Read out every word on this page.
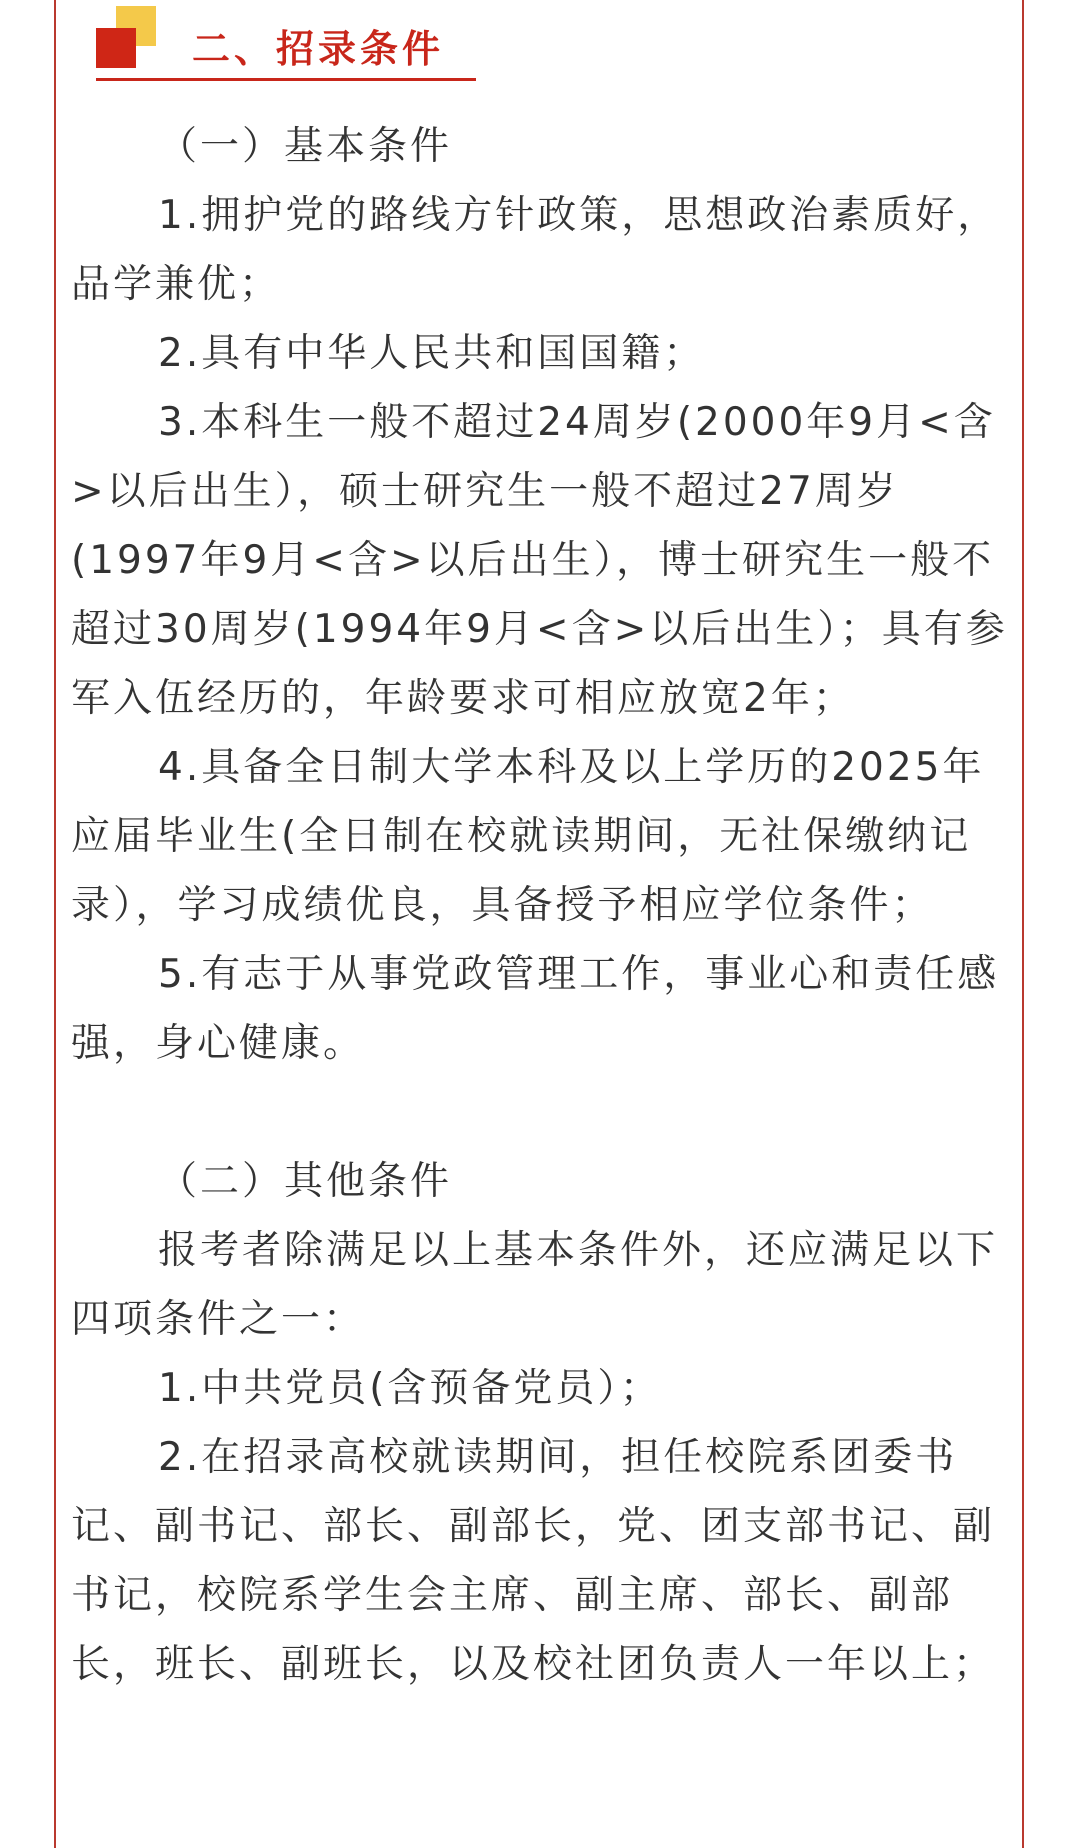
二、招录条件

（一）基本条件

1.拥护党的路线方针政策，思想政治素质好，品学兼优；

2.具有中华人民共和国国籍；

3.本科生一般不超过24周岁(2000年9月<含>以后出生），硕士研究生一般不超过27周岁(1997年9月<含>以后出生），博士研究生一般不超过30周岁(1994年9月<含>以后出生）；具有参军入伍经历的，年龄要求可相应放宽2年；

4.具备全日制大学本科及以上学历的2025年应届毕业生(全日制在校就读期间，无社保缴纳记录），学习成绩优良，具备授予相应学位条件；

5.有志于从事党政管理工作，事业心和责任感强，身心健康。

（二）其他条件

报考者除满足以上基本条件外，还应满足以下四项条件之一：

1.中共党员(含预备党员）；

2.在招录高校就读期间，担任校院系团委书记、副书记、部长、副部长，党、团支部书记、副书记，校院系学生会主席、副主席、部长、副部长，班长、副班长，以及校社团负责人一年以上；
